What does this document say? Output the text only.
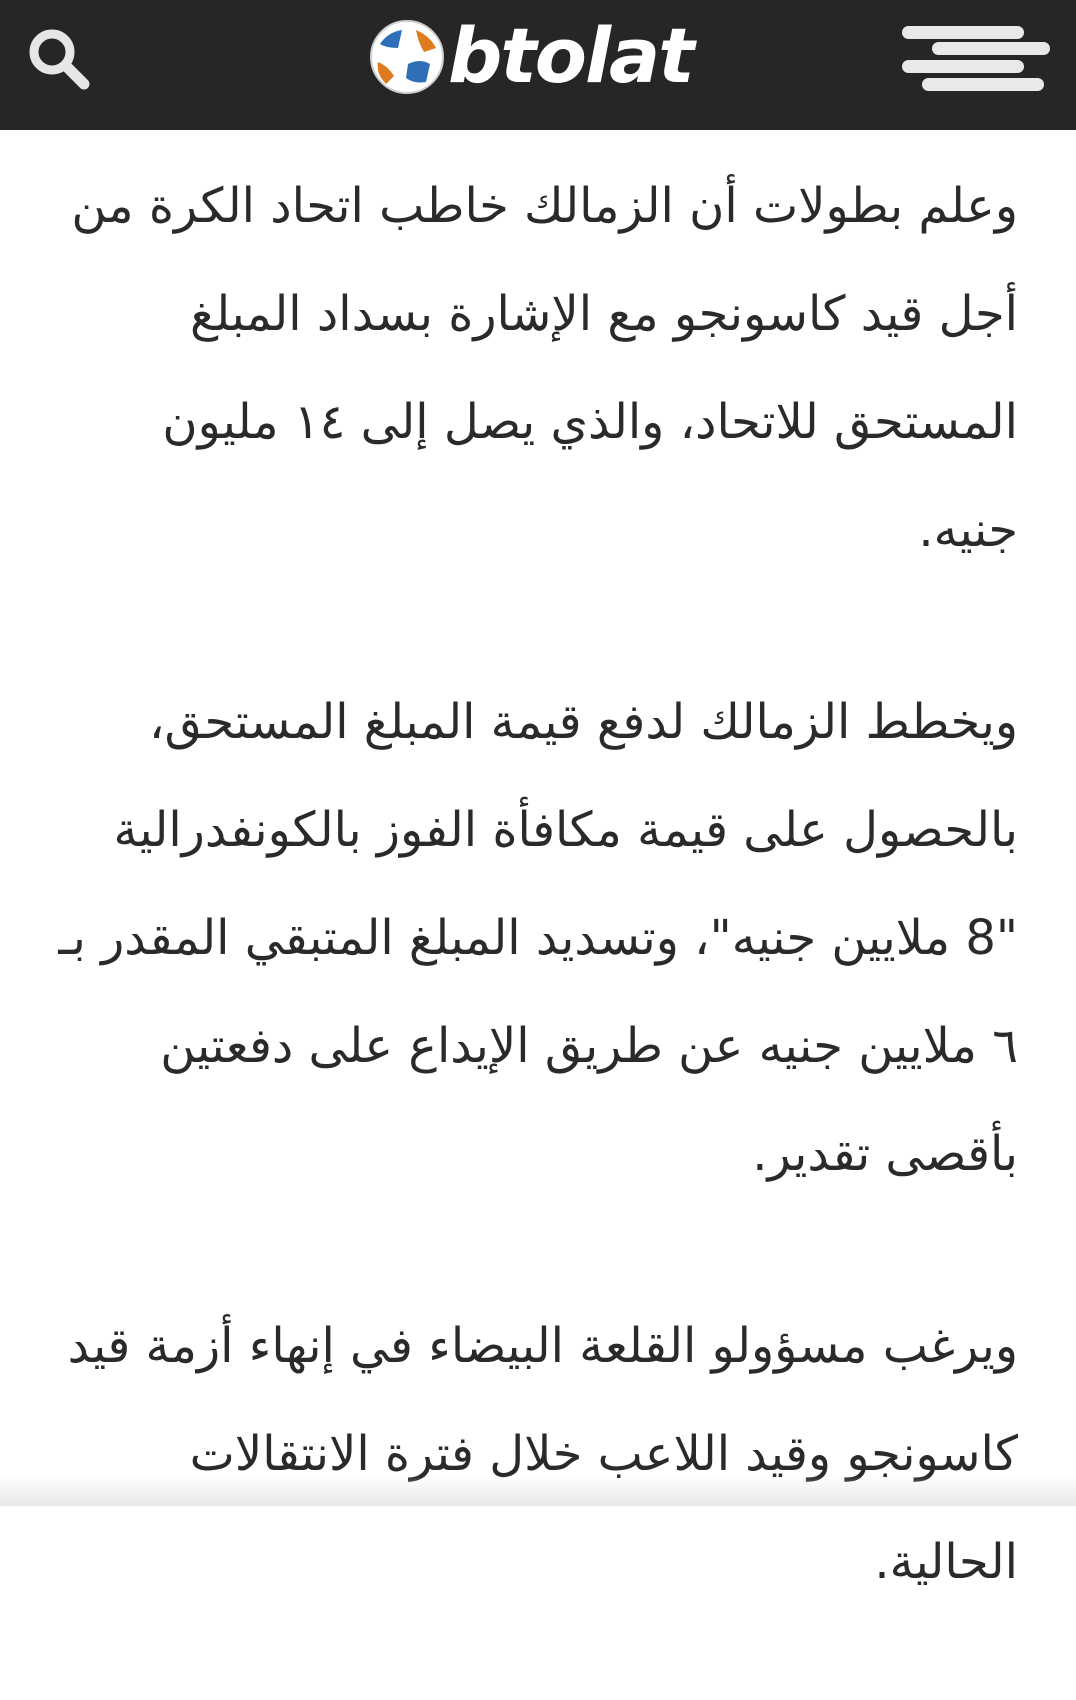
btolat

وعلم بطولات أن الزمالك خاطب اتحاد الكرة من أجل قيد كاسونجو مع الإشارة بسداد المبلغ المستحق للاتحاد، والذي يصل إلى ١٤ مليون جنيه.

ويخطط الزمالك لدفع قيمة المبلغ المستحق، بالحصول على قيمة مكافأة الفوز بالكونفدرالية "8 ملايين جنيه"، وتسديد المبلغ المتبقي المقدر بـ ٦ ملايين جنيه عن طريق الإيداع على دفعتين بأقصى تقدير.

ويرغب مسؤولو القلعة البيضاء في إنهاء أزمة قيد كاسونجو وقيد اللاعب خلال فترة الانتقالات الحالية.
